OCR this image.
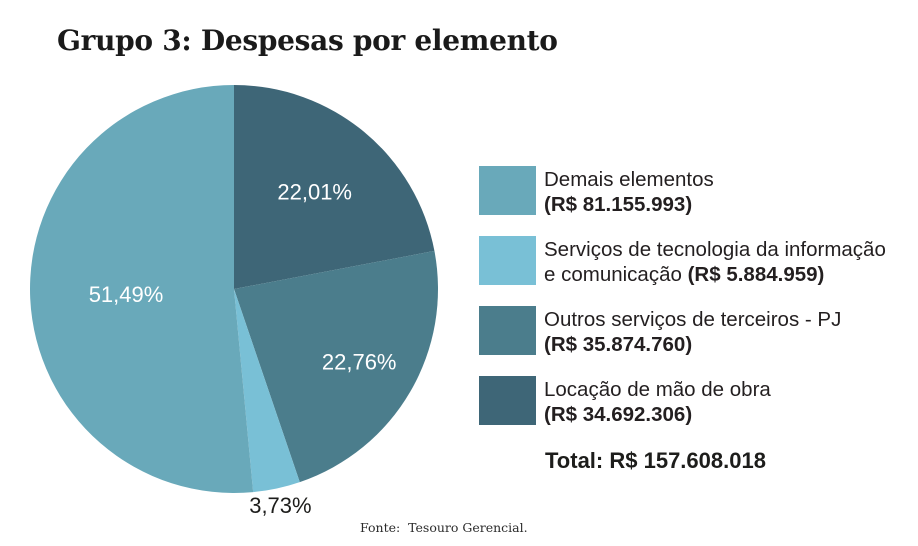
Grupo 3: Despesas por elemento
22,01%
22,76%
3,73%
51,49%
Demais elementos
(R$ 81.155.993)
Serviços de tecnologia da informação
e comunicação (R$ 5.884.959)
Outros serviços de terceiros - PJ
(R$ 35.874.760)
Locação de mão de obra
(R$ 34.692.306)
Total: R$ 157.608.018
Fonte:  Tesouro Gerencial.
